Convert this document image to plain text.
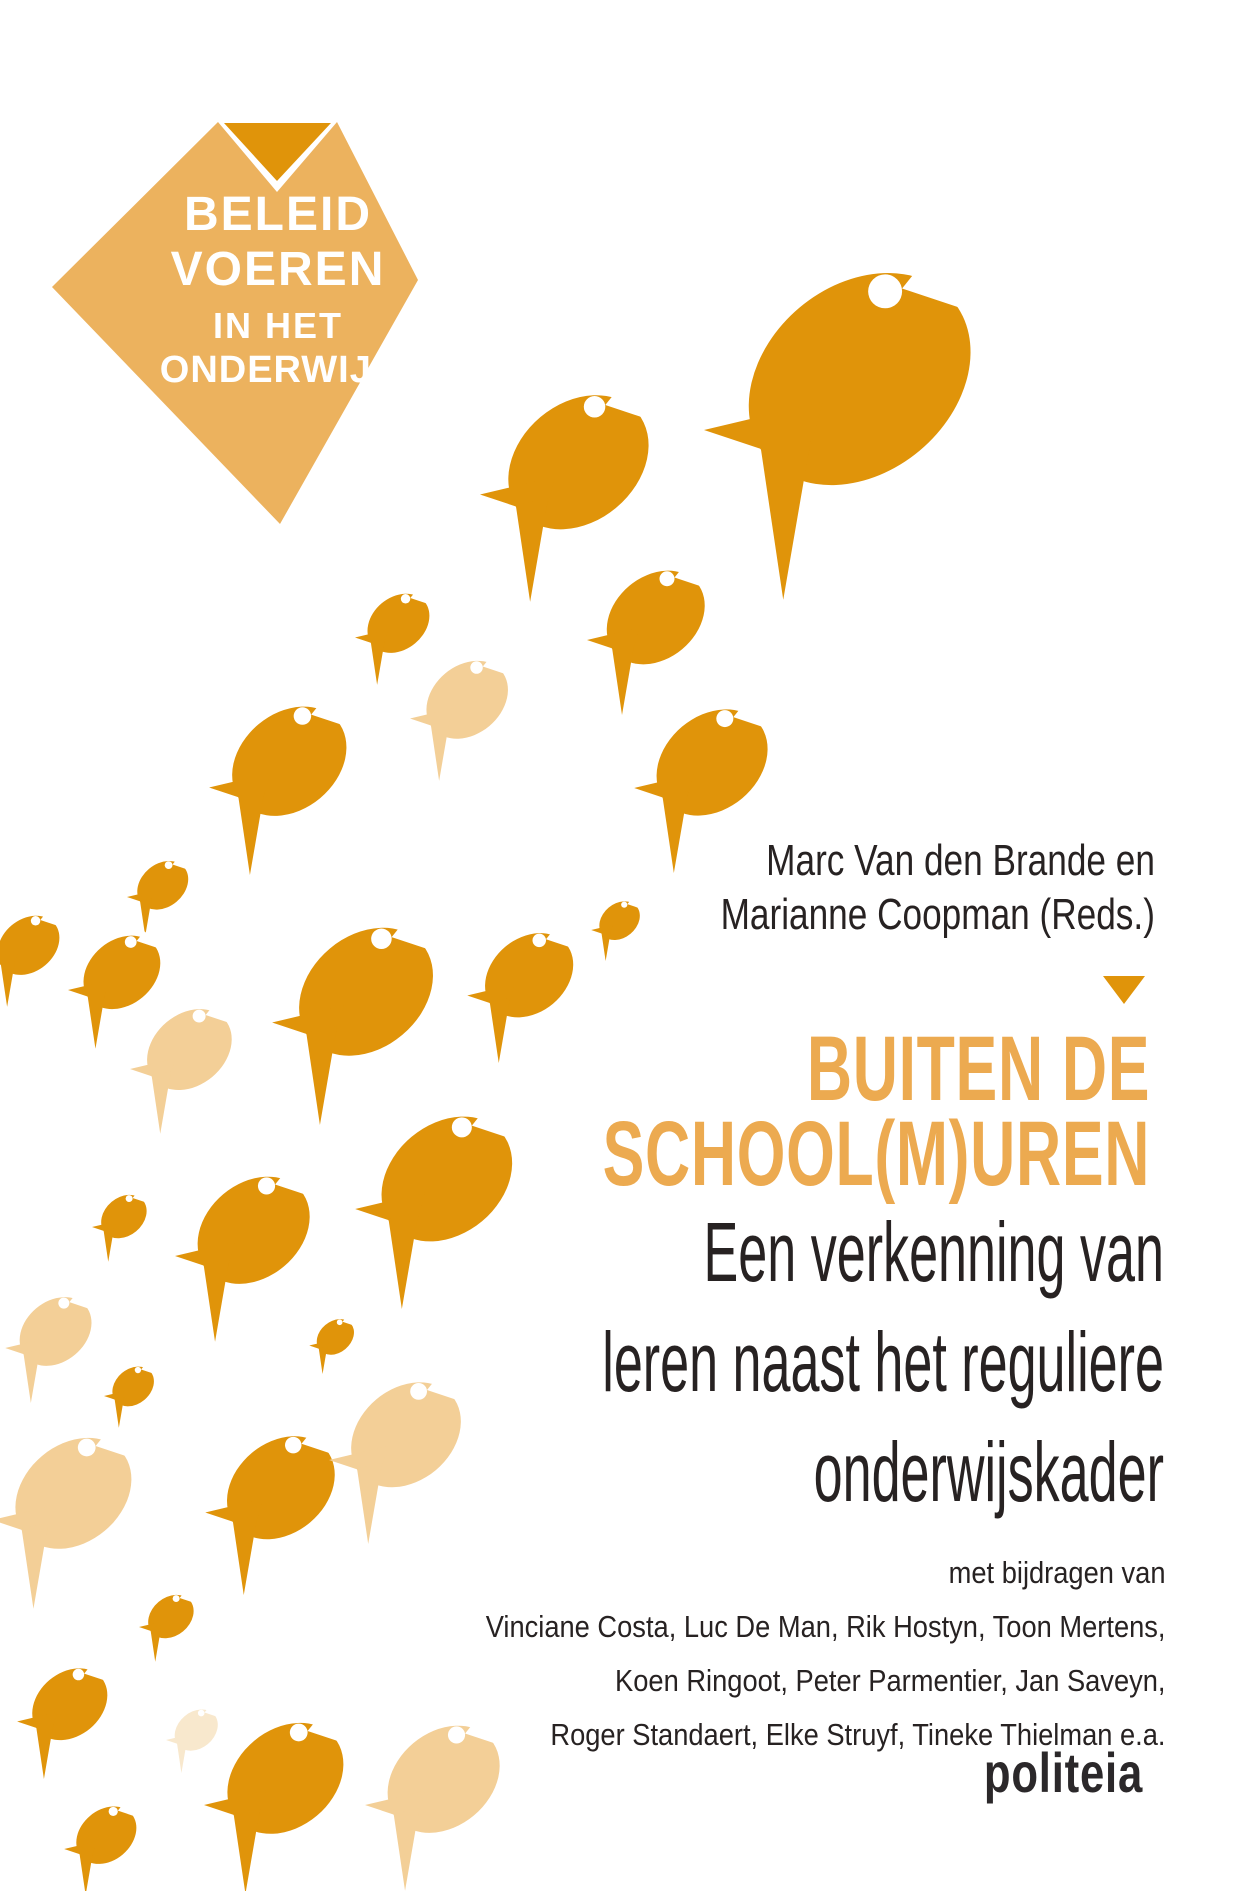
BELEID
VOEREN
IN HET
ONDERWIJS
Marc Van den Brande en
Marianne Coopman (Reds.)
BUITEN DE
SCHOOL(M)UREN
Een verkenning van
leren naast het reguliere
onderwijskader
met bijdragen van
Vinciane Costa, Luc De Man, Rik Hostyn, Toon Mertens,
Koen Ringoot, Peter Parmentier, Jan Saveyn,
Roger Standaert, Elke Struyf, Tineke Thielman e.a.
politeia
